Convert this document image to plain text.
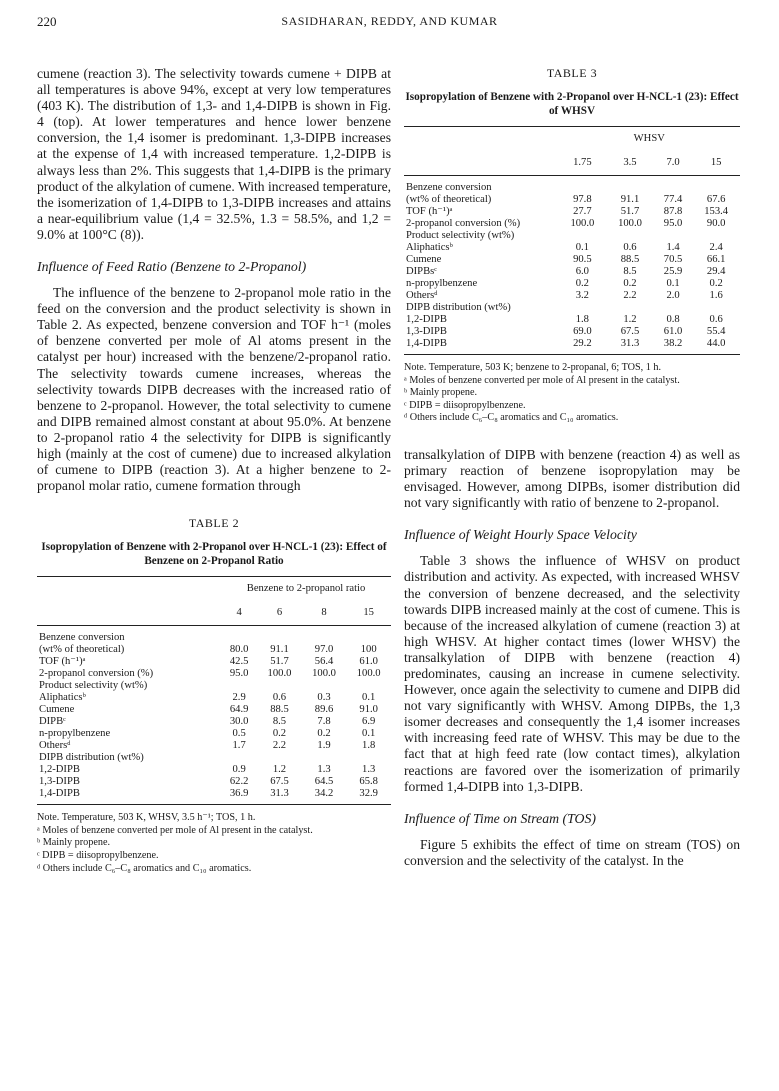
220	SASIDHARAN, REDDY, AND KUMAR

cumene (reaction 3). The selectivity towards cumene + DIPB at all temperatures is above 94%, except at very low temperatures (403 K). The distribution of 1,3- and 1,4-DIPB is shown in Fig. 4 (top). At lower temperatures and hence lower benzene conversion, the 1,4 isomer is predominant. 1,3-DIPB increases at the expense of 1,4 with increased temperature. 1,2-DIPB is always less than 2%. This suggests that 1,4-DIPB is the primary product of the alkylation of cumene. With increased temperature, the isomerization of 1,4-DIPB to 1,3-DIPB increases and attains a near-equilibrium value (1,4 = 32.5%, 1.3 = 58.5%, and 1,2 = 9.0% at 100°C (8)).

Influence of Feed Ratio (Benzene to 2-Propanol)

The influence of the benzene to 2-propanol mole ratio in the feed on the conversion and the product selectivity is shown in Table 2. As expected, benzene conversion and TOF h⁻¹ (moles of benzene converted per mole of Al atoms present in the catalyst per hour) increased with the benzene/2-propanol ratio. The selectivity towards cumene increases, whereas the selectivity towards DIPB decreases with the increased ratio of benzene to 2-propanol. However, the total selectivity to cumene and DIPB remained almost constant at about 95.0%. At benzene to 2-propanol ratio 4 the selectivity for DIPB is significantly high (mainly at the cost of cumene) due to increased alkylation of cumene to DIPB (reaction 3). At a higher benzene to 2-propanol molar ratio, cumene formation through

TABLE 2
Isopropylation of Benzene with 2-Propanol over H-NCL-1 (23): Effect of Benzene on 2-Propanol Ratio
	Benzene to 2-propanol ratio			
	4	6	8	15
Benzene conversion				
(wt% of theoretical)	80.0	91.1	97.0	100
TOF (h⁻¹)ᵃ	42.5	51.7	56.4	61.0
2-propanol conversion (%)	95.0	100.0	100.0	100.0
Product selectivity (wt%)				
Aliphaticsᵇ	2.9	0.6	0.3	0.1
Cumene	64.9	88.5	89.6	91.0
DIPBᶜ	30.0	8.5	7.8	6.9
n-propylbenzene	0.5	0.2	0.2	0.1
Othersᵈ	1.7	2.2	1.9	1.8
DIPB distribution (wt%)				
1,2-DIPB	0.9	1.2	1.3	1.3
1,3-DIPB	62.2	67.5	64.5	65.8
1,4-DIPB	36.9	31.3	34.2	32.9
Note. Temperature, 503 K, WHSV, 3.5 h⁻¹; TOS, 1 h.
ᵃ Moles of benzene converted per mole of Al present in the catalyst.
ᵇ Mainly propene.
ᶜ DIPB = diisopropylbenzene.
ᵈ Others include C₆–C₈ aromatics and C₁₀ aromatics.
TABLE 3
Isopropylation of Benzene with 2-Propanol over H-NCL-1 (23): Effect of WHSV
	WHSV			
	1.75	3.5	7.0	15
Benzene conversion				
(wt% of theoretical)	97.8	91.1	77.4	67.6
TOF (h⁻¹)ᵃ	27.7	51.7	87.8	153.4
2-propanol conversion (%)	100.0	100.0	95.0	90.0
Product selectivity (wt%)				
Aliphaticsᵇ	0.1	0.6	1.4	2.4
Cumene	90.5	88.5	70.5	66.1
DIPBsᶜ	6.0	8.5	25.9	29.4
n-propylbenzene	0.2	0.2	0.1	0.2
Othersᵈ	3.2	2.2	2.0	1.6
DIPB distribution (wt%)				
1,2-DIPB	1.8	1.2	0.8	0.6
1,3-DIPB	69.0	67.5	61.0	55.4
1,4-DIPB	29.2	31.3	38.2	44.0
Note. Temperature, 503 K; benzene to 2-propanal, 6; TOS, 1 h.
ᵃ Moles of benzene converted per mole of Al present in the catalyst.
ᵇ Mainly propene.
ᶜ DIPB = diisopropylbenzene.
ᵈ Others include C₆–C₈ aromatics and C₁₀ aromatics.

transalkylation of DIPB with benzene (reaction 4) as well as primary reaction of benzene isopropylation may be envisaged. However, among DIPBs, isomer distribution did not vary significantly with ratio of benzene to 2-propanol.

Influence of Weight Hourly Space Velocity

Table 3 shows the influence of WHSV on product distribution and activity. As expected, with increased WHSV the conversion of benzene decreased, and the selectivity towards DIPB increased mainly at the cost of cumene. This is because of the increased alkylation of cumene (reaction 3) at high WHSV. At higher contact times (lower WHSV) the transalkylation of DIPB with benzene (reaction 4) predominates, causing an increase in cumene selectivity. However, once again the selectivity to cumene and DIPB did not vary significantly with WHSV. Among DIPBs, the 1,3 isomer decreases and consequently the 1,4 isomer increases with increasing feed rate of WHSV. This may be due to the fact that at high feed rate (low contact times), alkylation reactions are favored over the isomerization of primarily formed 1,4-DIPB into 1,3-DIPB.

Influence of Time on Stream (TOS)

Figure 5 exhibits the effect of time on stream (TOS) on conversion and the selectivity of the catalyst. In the
